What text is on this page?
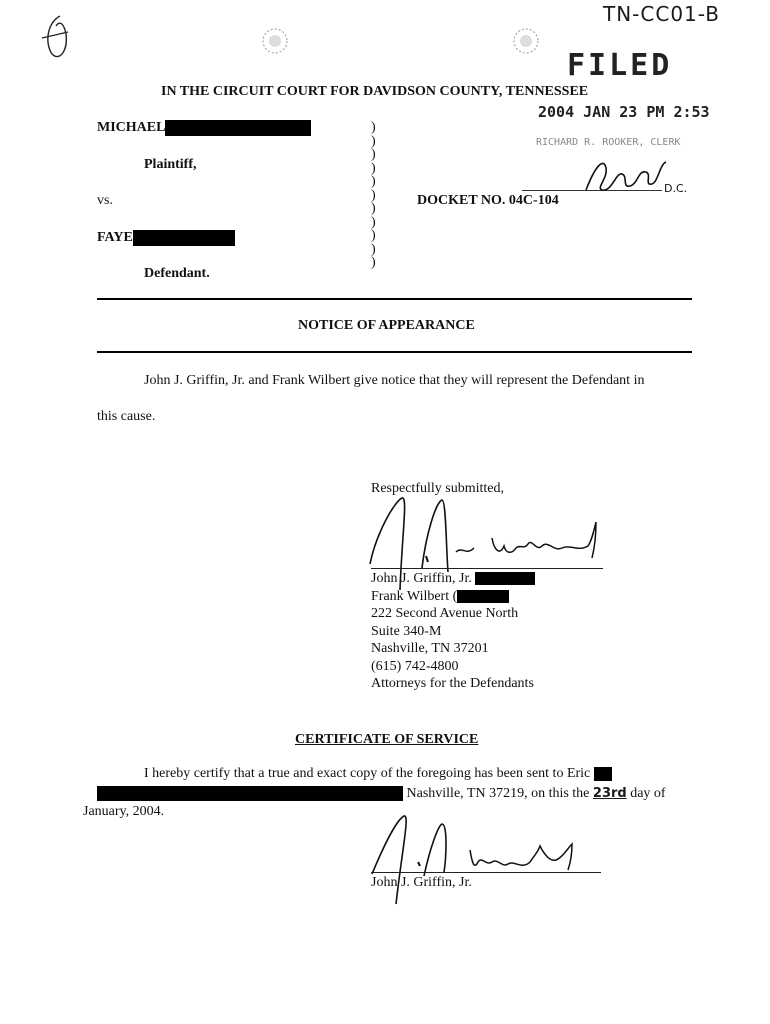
TN-CC01-B
FILED
2004 JAN 23 PM 2:53
RICHARD R. ROOKER, CLERK
D.C.
IN THE CIRCUIT COURT FOR DAVIDSON COUNTY, TENNESSEE
MICHAEL
Plaintiff,
vs.
FAYE
Defendant.
)
)
)
)
)
)
)
)
)
)
)
DOCKET NO. 04C-104
NOTICE OF APPEARANCE
John J. Griffin, Jr. and Frank Wilbert give notice that they will represent the Defendant in
this cause.
Respectfully submitted,

John J. Griffin, Jr.

Frank Wilbert (

222 Second Avenue North

Suite 340-M

Nashville, TN 37201

(615) 742-4800

Attorneys for the Defendants

CERTIFICATE OF SERVICE
I hereby certify that a true and exact copy of the foregoing has been sent to Eric
Nashville, TN 37219, on this the 23rd day of
January, 2004.
John J. Griffin, Jr.
